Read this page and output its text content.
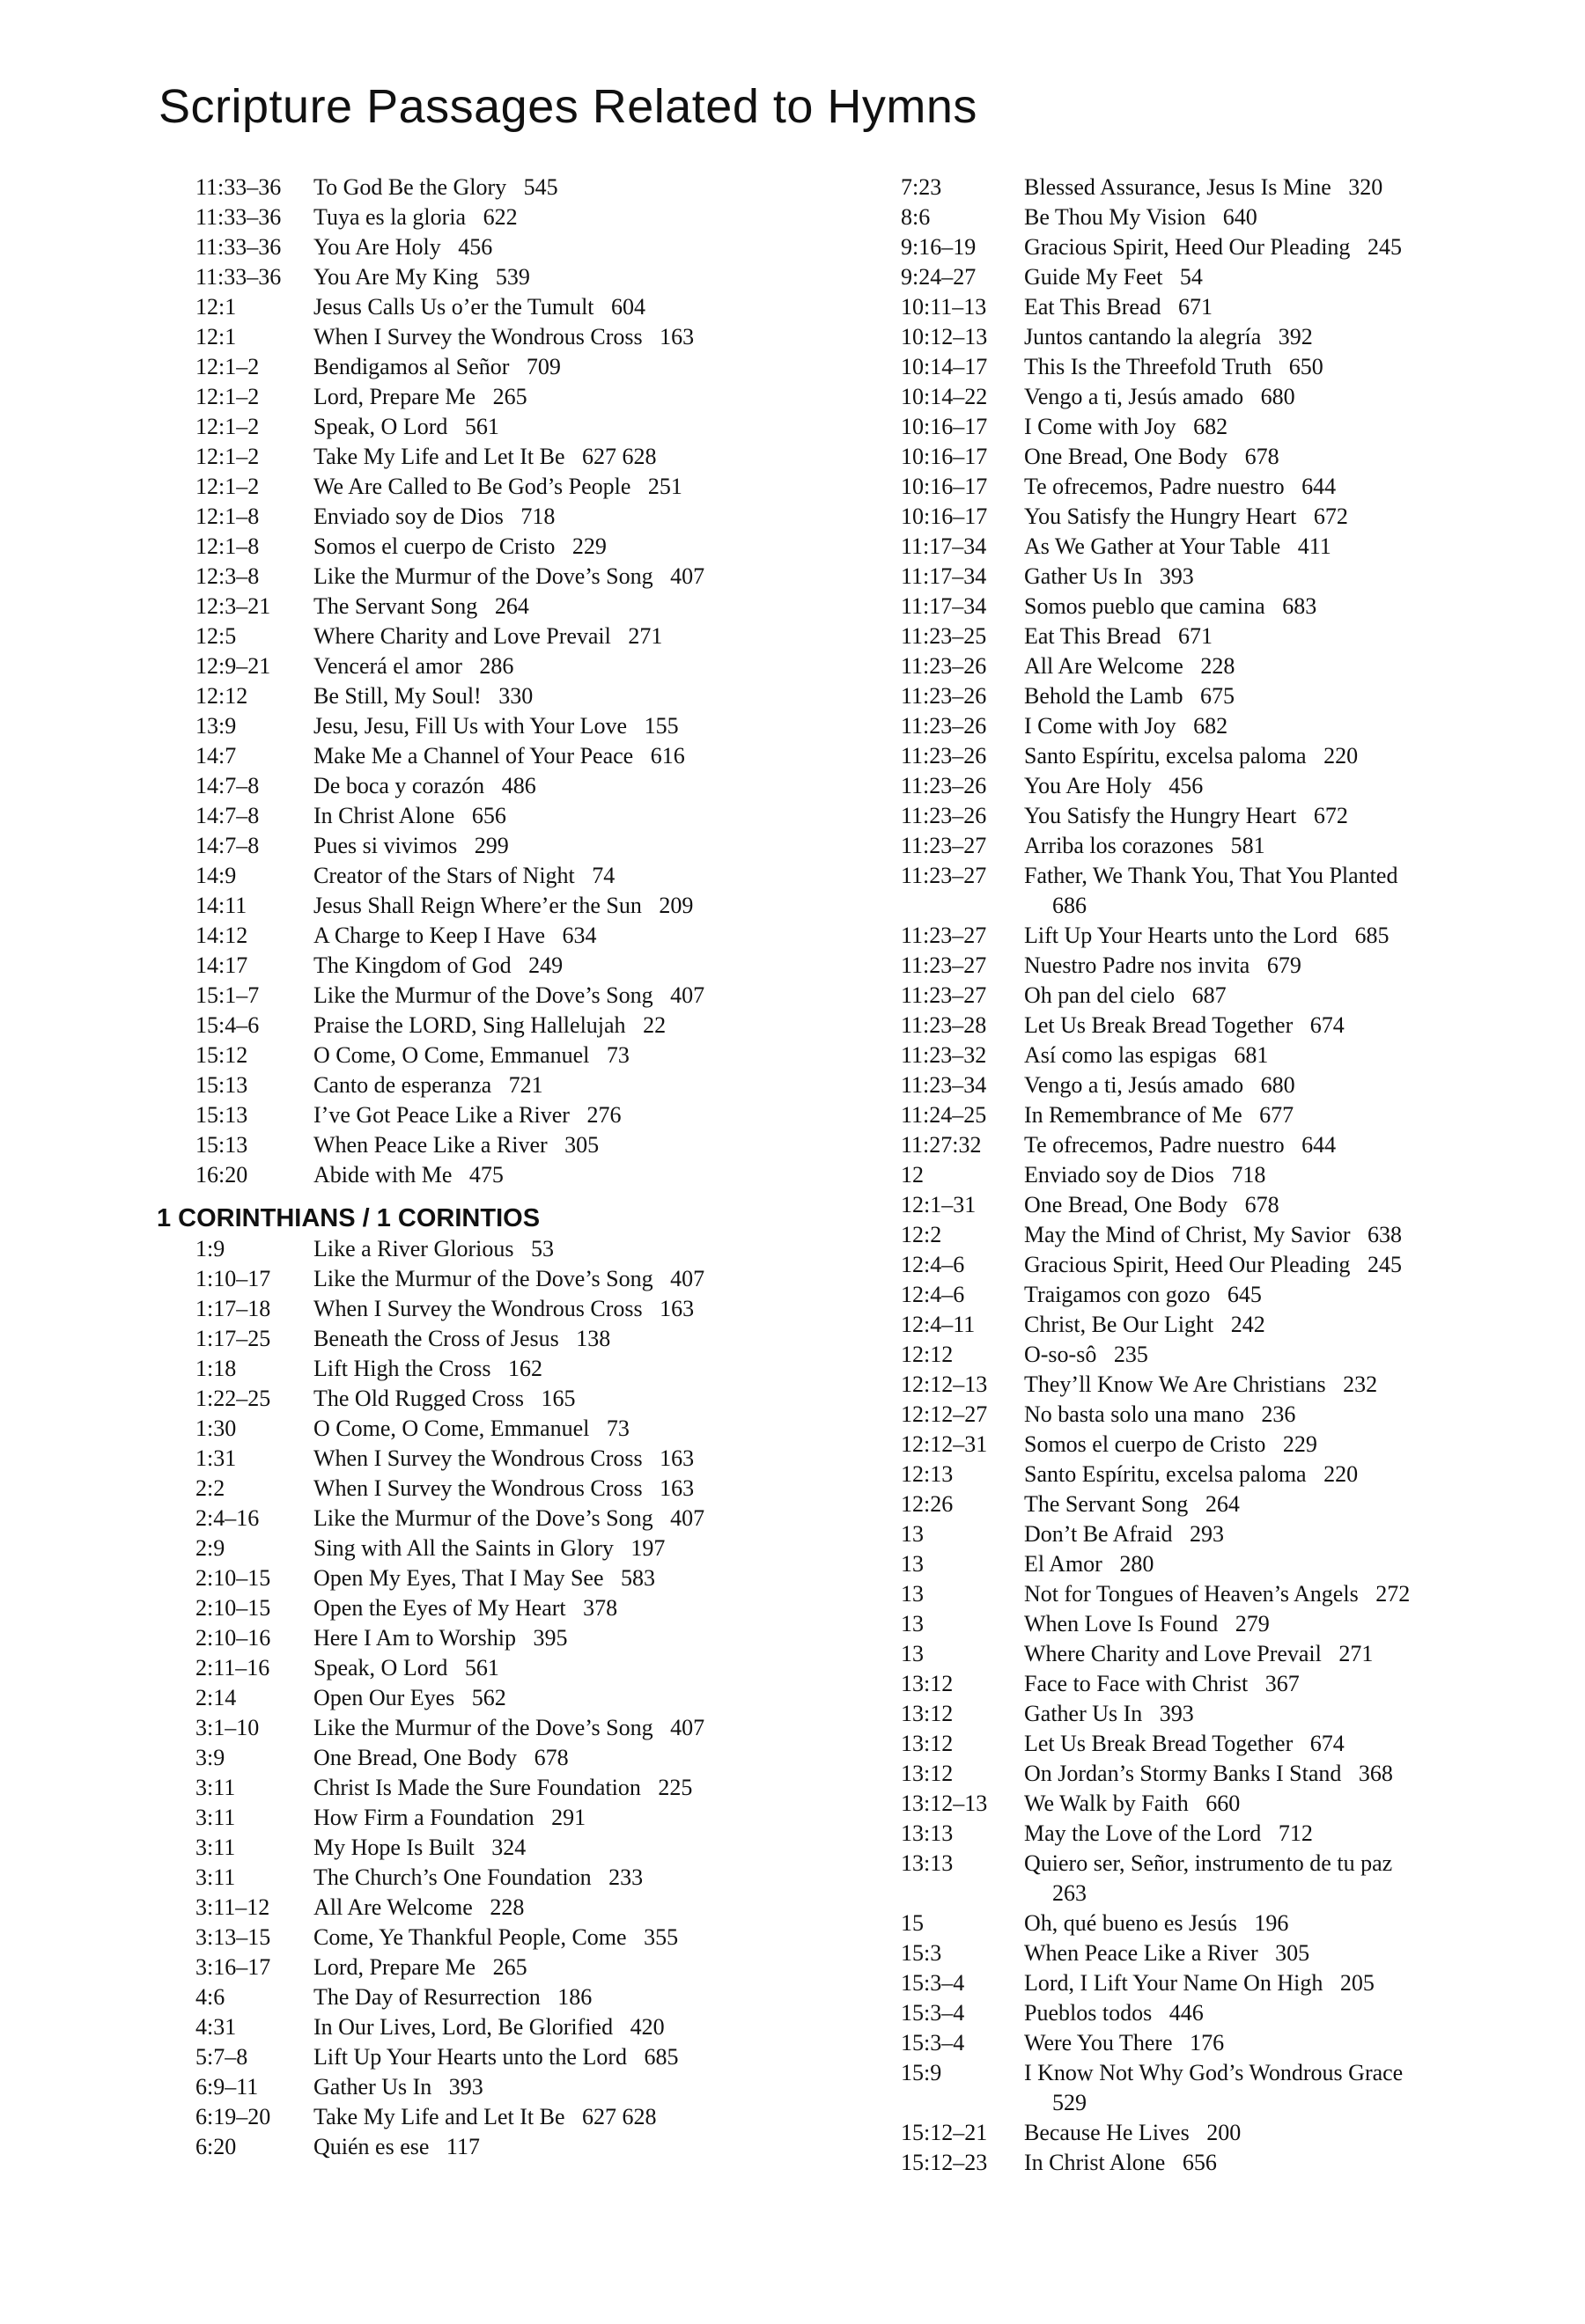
Scripture Passages Related to Hymns
11:33–36	To God Be the Glory 545
11:33–36	Tuya es la gloria 622
11:33–36	You Are Holy 456
11:33–36	You Are My King 539
12:1	Jesus Calls Us o’er the Tumult 604
12:1	When I Survey the Wondrous Cross 163
12:1–2	Bendigamos al Señor 709
12:1–2	Lord, Prepare Me 265
12:1–2	Speak, O Lord 561
12:1–2	Take My Life and Let It Be 627 628
12:1–2	We Are Called to Be God’s People 251
12:1–8	Enviado soy de Dios 718
12:1–8	Somos el cuerpo de Cristo 229
12:3–8	Like the Murmur of the Dove’s Song 407
12:3–21	The Servant Song 264
12:5	Where Charity and Love Prevail 271
12:9–21	Vencerá el amor 286
12:12	Be Still, My Soul! 330
13:9	Jesu, Jesu, Fill Us with Your Love 155
14:7	Make Me a Channel of Your Peace 616
14:7–8	De boca y corazón 486
14:7–8	In Christ Alone 656
14:7–8	Pues si vivimos 299
14:9	Creator of the Stars of Night 74
14:11	Jesus Shall Reign Where’er the Sun 209
14:12	A Charge to Keep I Have 634
14:17	The Kingdom of God 249
15:1–7	Like the Murmur of the Dove’s Song 407
15:4–6	Praise the LORD, Sing Hallelujah 22
15:12	O Come, O Come, Emmanuel 73
15:13	Canto de esperanza 721
15:13	I’ve Got Peace Like a River 276
15:13	When Peace Like a River 305
16:20	Abide with Me 475
1 CORINTHIANS / 1 CORINTIOS
1:9	Like a River Glorious 53
1:10–17	Like the Murmur of the Dove’s Song 407
1:17–18	When I Survey the Wondrous Cross 163
1:17–25	Beneath the Cross of Jesus 138
1:18	Lift High the Cross 162
1:22–25	The Old Rugged Cross 165
1:30	O Come, O Come, Emmanuel 73
1:31	When I Survey the Wondrous Cross 163
2:2	When I Survey the Wondrous Cross 163
2:4–16	Like the Murmur of the Dove’s Song 407
2:9	Sing with All the Saints in Glory 197
2:10–15	Open My Eyes, That I May See 583
2:10–15	Open the Eyes of My Heart 378
2:10–16	Here I Am to Worship 395
2:11–16	Speak, O Lord 561
2:14	Open Our Eyes 562
3:1–10	Like the Murmur of the Dove’s Song 407
3:9	One Bread, One Body 678
3:11	Christ Is Made the Sure Foundation 225
3:11	How Firm a Foundation 291
3:11	My Hope Is Built 324
3:11	The Church’s One Foundation 233
3:11–12	All Are Welcome 228
3:13–15	Come, Ye Thankful People, Come 355
3:16–17	Lord, Prepare Me 265
4:6	The Day of Resurrection 186
4:31	In Our Lives, Lord, Be Glorified 420
5:7–8	Lift Up Your Hearts unto the Lord 685
6:9–11	Gather Us In 393
6:19–20	Take My Life and Let It Be 627 628
6:20	Quién es ese 117
7:23	Blessed Assurance, Jesus Is Mine 320
8:6	Be Thou My Vision 640
9:16–19	Gracious Spirit, Heed Our Pleading 245
9:24–27	Guide My Feet 54
10:11–13	Eat This Bread 671
10:12–13	Juntos cantando la alegría 392
10:14–17	This Is the Threefold Truth 650
10:14–22	Vengo a ti, Jesús amado 680
10:16–17	I Come with Joy 682
10:16–17	One Bread, One Body 678
10:16–17	Te ofrecemos, Padre nuestro 644
10:16–17	You Satisfy the Hungry Heart 672
11:17–34	As We Gather at Your Table 411
11:17–34	Gather Us In 393
11:17–34	Somos pueblo que camina 683
11:23–25	Eat This Bread 671
11:23–26	All Are Welcome 228
11:23–26	Behold the Lamb 675
11:23–26	I Come with Joy 682
11:23–26	Santo Espíritu, excelsa paloma 220
11:23–26	You Are Holy 456
11:23–26	You Satisfy the Hungry Heart 672
11:23–27	Arriba los corazones 581
11:23–27	Father, We Thank You, That You Planted
686
11:23–27	Lift Up Your Hearts unto the Lord 685
11:23–27	Nuestro Padre nos invita 679
11:23–27	Oh pan del cielo 687
11:23–28	Let Us Break Bread Together 674
11:23–32	Así como las espigas 681
11:23–34	Vengo a ti, Jesús amado 680
11:24–25	In Remembrance of Me 677
11:27:32	Te ofrecemos, Padre nuestro 644
12	Enviado soy de Dios 718
12:1–31	One Bread, One Body 678
12:2	May the Mind of Christ, My Savior 638
12:4–6	Gracious Spirit, Heed Our Pleading 245
12:4–6	Traigamos con gozo 645
12:4–11	Christ, Be Our Light 242
12:12	O-so-sô 235
12:12–13	They’ll Know We Are Christians 232
12:12–27	No basta solo una mano 236
12:12–31	Somos el cuerpo de Cristo 229
12:13	Santo Espíritu, excelsa paloma 220
12:26	The Servant Song 264
13	Don’t Be Afraid 293
13	El Amor 280
13	Not for Tongues of Heaven’s Angels 272
13	When Love Is Found 279
13	Where Charity and Love Prevail 271
13:12	Face to Face with Christ 367
13:12	Gather Us In 393
13:12	Let Us Break Bread Together 674
13:12	On Jordan’s Stormy Banks I Stand 368
13:12–13	We Walk by Faith 660
13:13	May the Love of the Lord 712
13:13	Quiero ser, Señor, instrumento de tu paz
263
15	Oh, qué bueno es Jesús 196
15:3	When Peace Like a River 305
15:3–4	Lord, I Lift Your Name On High 205
15:3–4	Pueblos todos 446
15:3–4	Were You There 176
15:9	I Know Not Why God’s Wondrous Grace
529
15:12–21	Because He Lives 200
15:12–23	In Christ Alone 656
